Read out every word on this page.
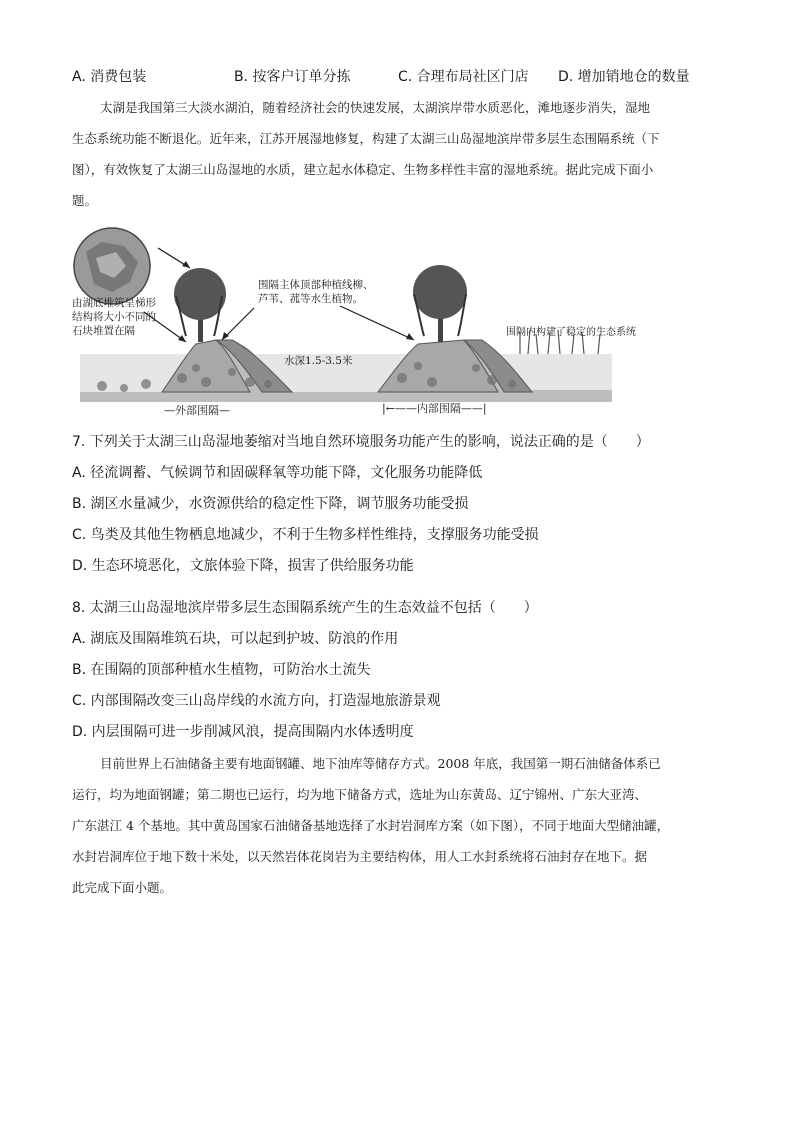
A. 消费包装	B. 按客户订单分拣	C. 合理布局社区门店 D. 增加销地仓的数量
太湖是我国第三大淡水湖泊，随着经济社会的快速发展，太湖滨岸带水质恶化，滩地逐步消失，湿地
生态系统功能不断退化。近年来，江苏开展湿地修复，构建了太湖三山岛湿地滨岸带多层生态围隔系统（下
图），有效恢复了太湖三山岛湿地的水质，建立起水体稳定、生物多样性丰富的湿地系统。据此完成下面小
题。
由湖底堆筑呈梯形
结构将大小不同的
石块堆置在隔
围隔主体顶部种植线柳、
芦苇、菰等水生植物。
围隔内构建了稳定的生态系统
水深1.5-3.5米
—外部围隔—	|←——内部围隔——|
7. 下列关于太湖三山岛湿地萎缩对当地自然环境服务功能产生的影响，说法正确的是（　　）
A. 径流调蓄、气候调节和固碳释氧等功能下降，文化服务功能降低
B. 湖区水量减少，水资源供给的稳定性下降，调节服务功能受损
C. 鸟类及其他生物栖息地减少，不利于生物多样性维持，支撑服务功能受损
D. 生态环境恶化，文旅体验下降，损害了供给服务功能
8. 太湖三山岛湿地滨岸带多层生态围隔系统产生的生态效益不包括（　　）
A. 湖底及围隔堆筑石块，可以起到护坡、防浪的作用
B. 在围隔的顶部种植水生植物，可防治水土流失
C. 内部围隔改变三山岛岸线的水流方向，打造湿地旅游景观
D. 内层围隔可进一步削减风浪，提高围隔内水体透明度
目前世界上石油储备主要有地面钢罐、地下油库等储存方式。2008 年底，我国第一期石油储备体系已
运行，均为地面钢罐；第二期也已运行，均为地下储备方式，选址为山东黄岛、辽宁锦州、广东大亚湾、
广东湛江 4 个基地。其中黄岛国家石油储备基地选择了水封岩洞库方案（如下图），不同于地面大型储油罐，
水封岩洞库位于地下数十米处，以天然岩体花岗岩为主要结构体，用人工水封系统将石油封存在地下。据
此完成下面小题。
